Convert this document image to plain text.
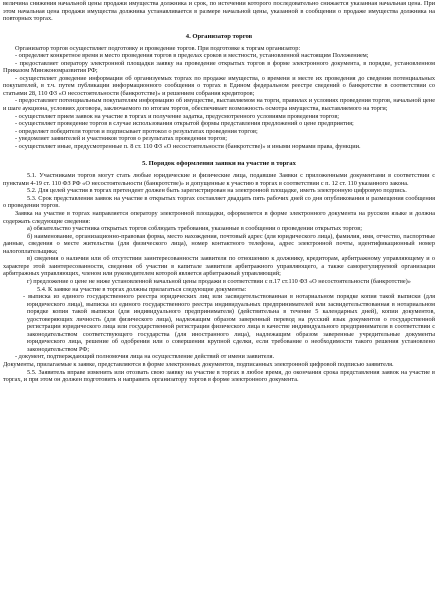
величина снижения начальной цены продажи имущества должника и срок, по истечении которого последовательно снижается указанная начальная цена. При этом начальная цена продажи имущества должника устанавливается в размере начальной цены, указанной в сообщении о продаже имущества должника на повторных торгах.

4. Организатор торгов

Организатор торгов осуществляет подготовку и проведение торгов. При подготовке к торгам организатор:

- определяет конкретное время и место проведения торгов в пределах сроков и местности, установленной настоящим Положением;

- предоставляет оператору электронной площадки заявку на проведение открытых торгов в форме электронного документа, в порядке, установленном Приказом Минэкономразвития РФ;

- осуществляет доведение информации об организуемых торгах по продаже имущества, о времени и месте их проведения до сведения потенциальных покупателей, в т.ч. путем публикации информационного сообщения о торгах в Едином федеральном реестре сведений о банкротстве в соответствии со статьями 28, 110 ФЗ «О несостоятельности (банкротстве)» и решением собрания кредиторов;

- предоставляет потенциальным покупателям информацию об имуществе, выставляемом на торги, правилах и условиях проведения торгов, начальной цене и шаге аукциона, условиях договора, заключаемого по итогам торгов, обеспечивает возможность осмотра имущества, выставляемого на торги;

- осуществляет прием заявок на участие в торгах и получение задатка, предусмотренного условиями проведения торгов;

- осуществляет проведение торгов в случае использования открытой формы представления предложений о цене предприятия;

- определяет победителя торгов и подписывает протокол о результатах проведения торгов;

- уведомляет заявителей и участников торгов о результатах проведения торгов;

- осуществляет иные, предусмотренные п. 8 ст. 110 ФЗ «О несостоятельности (банкротстве)» и иными нормами права, функции.

5. Порядок оформления заявки на участие в торгах

5.1. Участниками торгов могут стать любые юридические и физические лица, подавшие Заявки с приложенными документами в соответствии с пунктами 4-19 ст. 110 ФЗ РФ «О несостоятельности (банкротстве)» и допущенные к участию в торгах в соответствии с п. 12 ст. 110 указанного закона.

5.2. Для целей участия в торгах претендент должен быть зарегистрирован на электронной площадке, иметь электронную цифровую подпись.

5.3. Срок представления заявок на участие в открытых торгах составляет двадцать пять рабочих дней со дня опубликования и размещения сообщения о проведении торгов.

Заявка на участие в торгах направляется оператору электронной площадки, оформляется в форме электронного документа на русском языке и должна содержать следующие сведения:

а) обязательство участника открытых торгов соблюдать требования, указанные в сообщении о проведении открытых торгов;

б) наименование, организационно-правовая форма, место нахождения, почтовый адрес (для юридического лица), фамилия, имя, отчество, паспортные данные, сведения о месте жительства (для физического лица), номер контактного телефона, адрес электронной почты, идентификационный номер налогоплательщика;

в) сведения о наличии или об отсутствии заинтересованности заявителя по отношению к должнику, кредиторам, арбитражному управляющему и о характере этой заинтересованности, сведения об участии в капитале заявителя арбитражного управляющего, а также саморегулируемой организации арбитражных управляющих, членом или руководителем которой является арбитражный управляющий;

г) предложение о цене не ниже установленной начальной цены продажи в соответствии с п.17 ст.110 ФЗ «О несостоятельности (банкротстве)»

5.4. К заявке на участие в торгах должны прилагаться следующие документы:

- выписка из единого государственного реестра юридических лиц или засвидетельствованная в нотариальном порядке копия такой выписки (для юридического лица), выписка из единого государственного реестра индивидуальных предпринимателей или засвидетельствованная в нотариальном порядке копия такой выписки (для индивидуального предпринимателя) (действительна в течение 5 календарных дней), копии документов, удостоверяющих личность (для физического лица), надлежащим образом заверенный перевод на русский язык документов о государственной регистрации юридического лица или государственной регистрации физического лица в качестве индивидуального предпринимателя в соответствии с законодательством соответствующего государства (для иностранного лица), надлежащим образом заверенные учредительные документы юридического лица, решение об одобрении или о совершении крупной сделки, если требование о необходимости такого решения установлено законодательством РФ;

- документ, подтверждающий полномочия лица на осуществление действий от имени заявителя.

Документы, прилагаемые к заявке, представляются в форме электронных документов, подписанных электронной цифровой подписью заявителя.

5.5. Заявитель вправе изменить или отозвать свою заявку на участие в торгах в любое время, до окончания срока представления заявок на участие в торгах, и при этом он должен подготовить и направить организатору торгов в форме электронного документа.
